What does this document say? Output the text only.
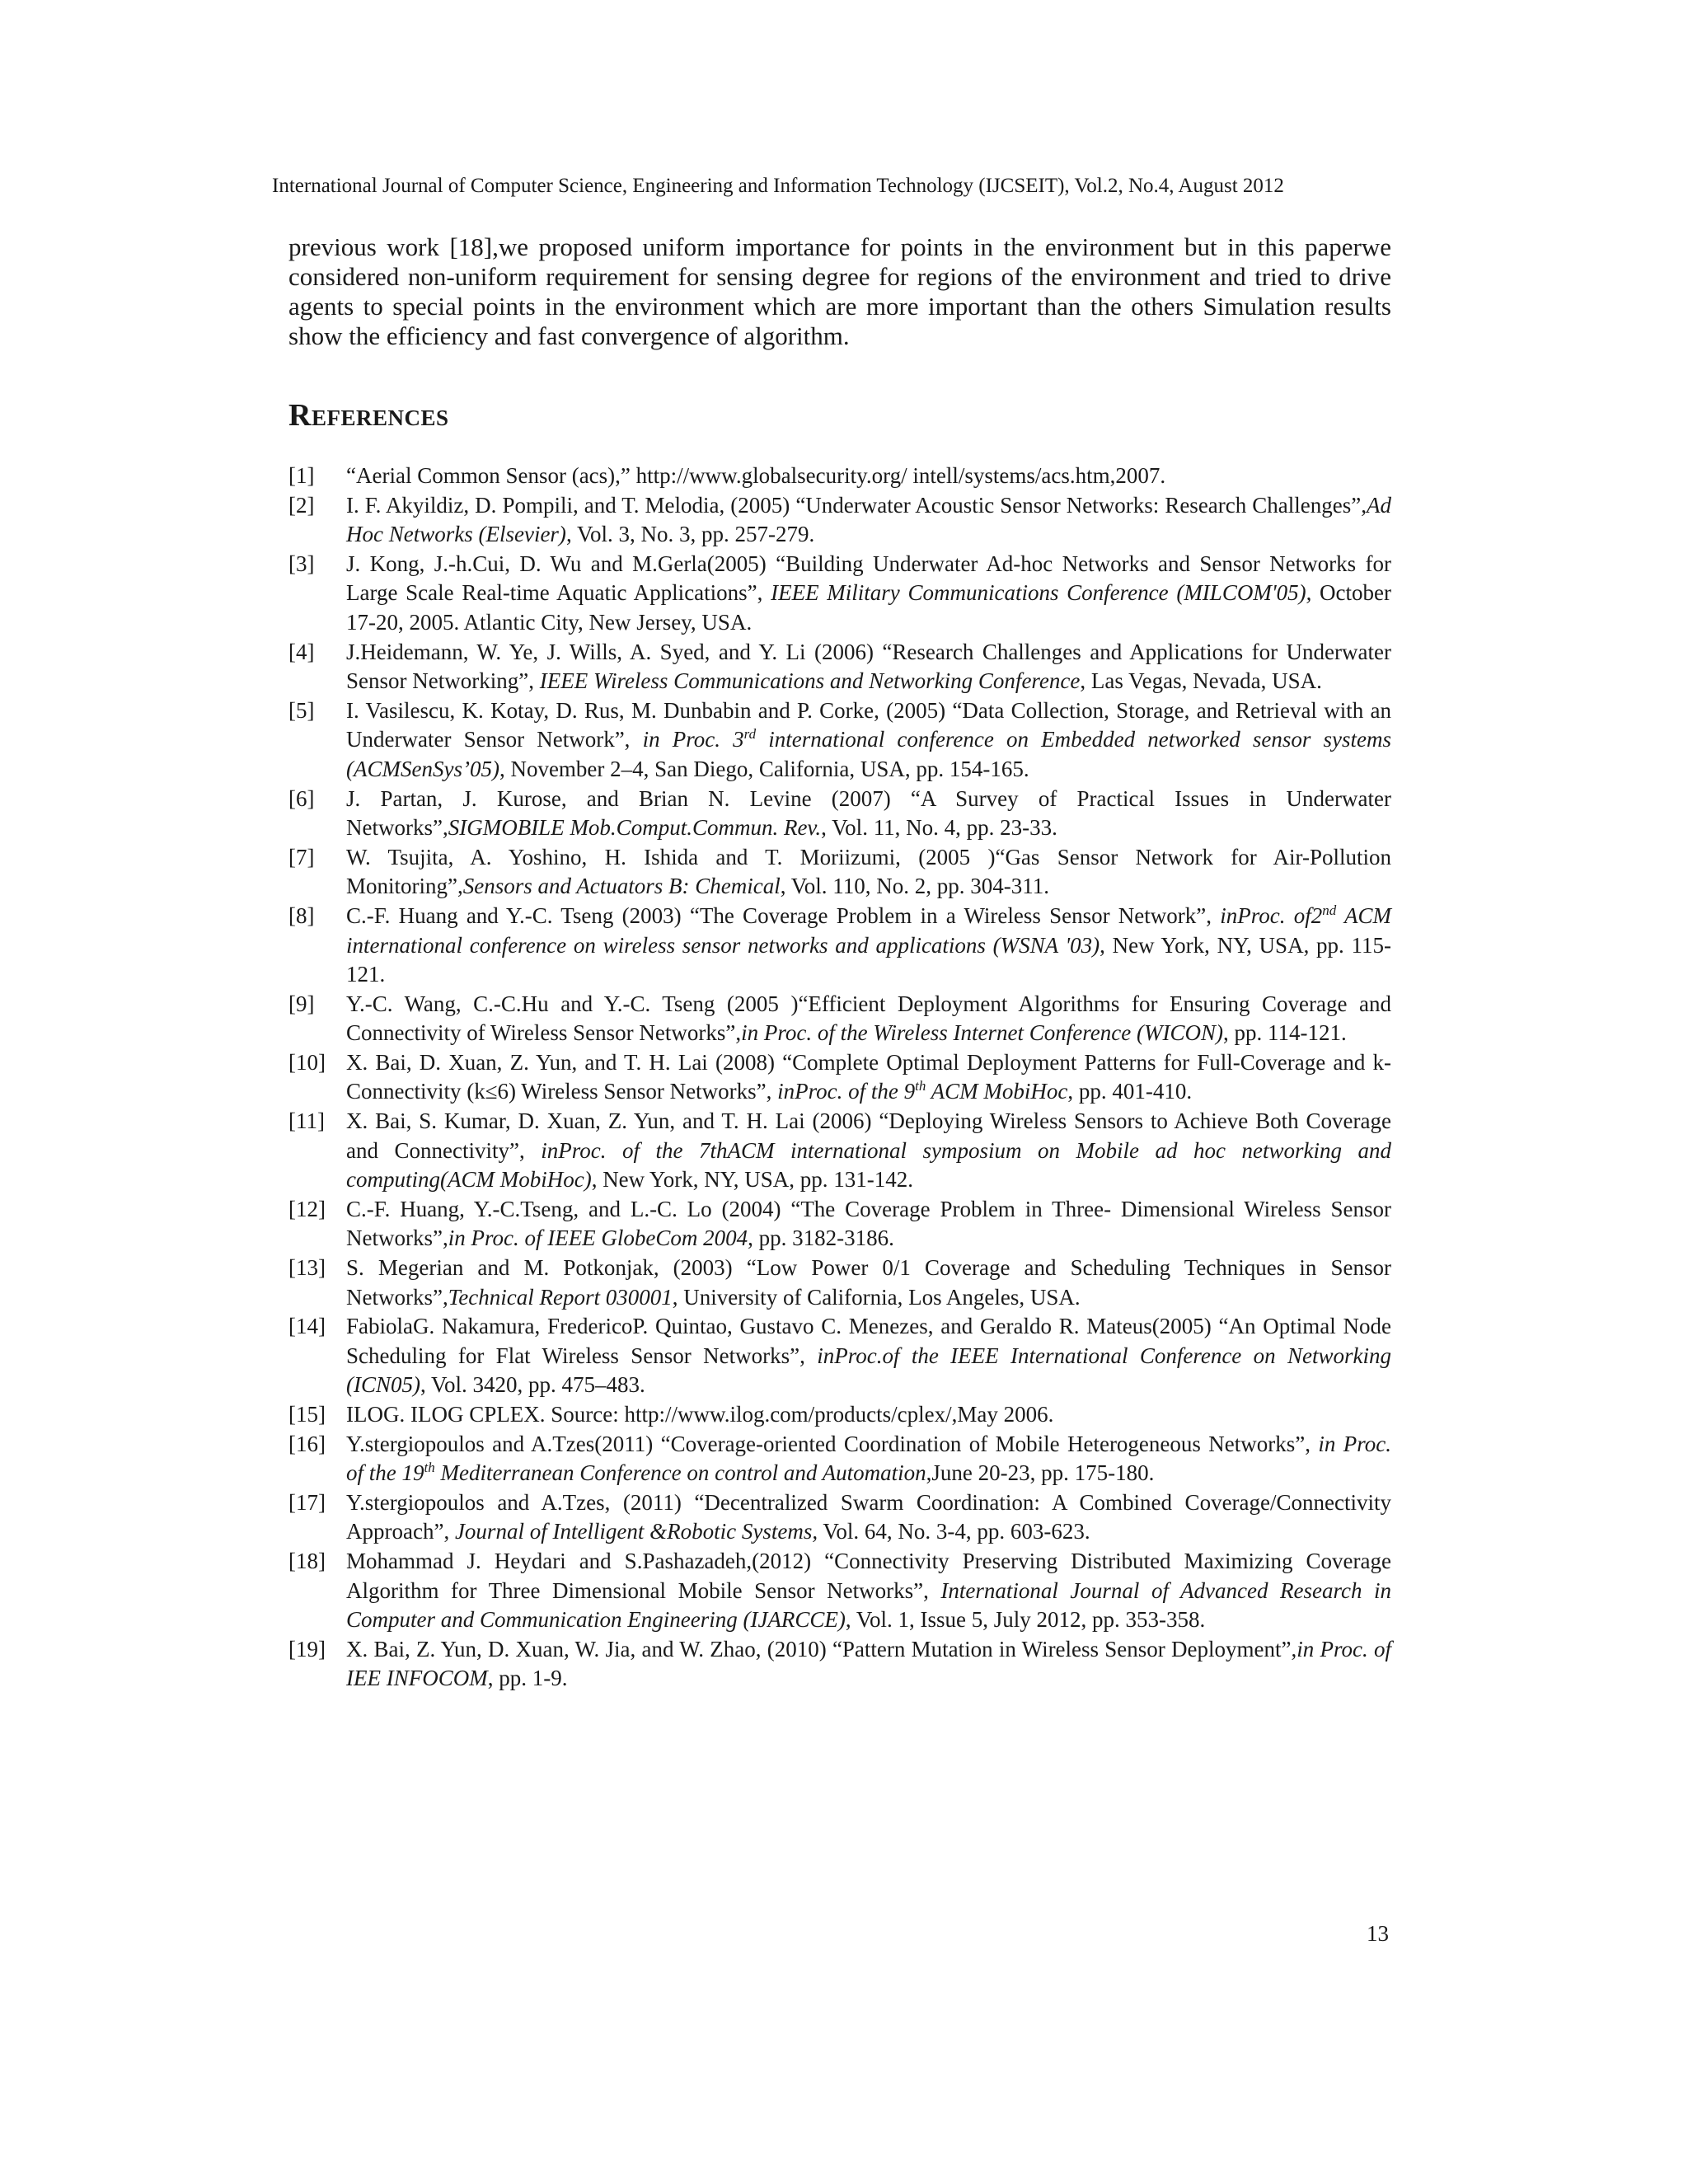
International Journal of Computer Science, Engineering and Information Technology (IJCSEIT), Vol.2, No.4, August 2012

previous work [18],we proposed uniform importance for points in the environment but in this paperwe considered non-uniform requirement for sensing degree for regions of the environment and tried to drive agents to special points in the environment which are more important than the others Simulation results show the efficiency and fast convergence of algorithm.

References
[1] “Aerial Common Sensor (acs),” http://www.globalsecurity.org/ intell/systems/acs.htm,2007.
[2] I. F. Akyildiz, D. Pompili, and T. Melodia, (2005) “Underwater Acoustic Sensor Networks: Research Challenges”,Ad Hoc Networks (Elsevier), Vol. 3, No. 3, pp. 257-279.
[3] J. Kong, J.-h.Cui, D. Wu and M.Gerla(2005) “Building Underwater Ad-hoc Networks and Sensor Networks for Large Scale Real-time Aquatic Applications”, IEEE Military Communications Conference (MILCOM'05), October 17-20, 2005. Atlantic City, New Jersey, USA.
[4] J.Heidemann, W. Ye, J. Wills, A. Syed, and Y. Li (2006) “Research Challenges and Applications for Underwater Sensor Networking”, IEEE Wireless Communications and Networking Conference, Las Vegas, Nevada, USA.
[5] I. Vasilescu, K. Kotay, D. Rus, M. Dunbabin and P. Corke, (2005) “Data Collection, Storage, and Retrieval with an Underwater Sensor Network”, in Proc. 3rd international conference on Embedded networked sensor systems (ACMSenSys’05), November 2–4, San Diego, California, USA, pp. 154-165.
[6] J. Partan, J. Kurose, and Brian N. Levine (2007) “A Survey of Practical Issues in Underwater Networks”,SIGMOBILE Mob.Comput.Commun. Rev., Vol. 11, No. 4, pp. 23-33.
[7] W. Tsujita, A. Yoshino, H. Ishida and T. Moriizumi, (2005 )“Gas Sensor Network for Air-Pollution Monitoring”,Sensors and Actuators B: Chemical, Vol. 110, No. 2, pp. 304-311.
[8] C.-F. Huang and Y.-C. Tseng (2003) “The Coverage Problem in a Wireless Sensor Network”, inProc. of2nd ACM international conference on wireless sensor networks and applications (WSNA '03), New York, NY, USA, pp. 115-121.
[9] Y.-C. Wang, C.-C.Hu and Y.-C. Tseng (2005 )“Efficient Deployment Algorithms for Ensuring Coverage and Connectivity of Wireless Sensor Networks”,in Proc. of the Wireless Internet Conference (WICON), pp. 114-121.
[10] X. Bai, D. Xuan, Z. Yun, and T. H. Lai (2008) “Complete Optimal Deployment Patterns for Full-Coverage and k-Connectivity (k≤6) Wireless Sensor Networks”, inProc. of the 9th ACM MobiHoc, pp. 401-410.
[11] X. Bai, S. Kumar, D. Xuan, Z. Yun, and T. H. Lai (2006) “Deploying Wireless Sensors to Achieve Both Coverage and Connectivity”, inProc. of the 7thACM international symposium on Mobile ad hoc networking and computing(ACM MobiHoc), New York, NY, USA, pp. 131-142.
[12] C.-F. Huang, Y.-C.Tseng, and L.-C. Lo (2004) “The Coverage Problem in Three- Dimensional Wireless Sensor Networks”,in Proc. of IEEE GlobeCom 2004, pp. 3182-3186.
[13] S. Megerian and M. Potkonjak, (2003) “Low Power 0/1 Coverage and Scheduling Techniques in Sensor Networks”,Technical Report 030001, University of California, Los Angeles, USA.
[14] FabiolaG. Nakamura, FredericoP. Quintao, Gustavo C. Menezes, and Geraldo R. Mateus(2005) “An Optimal Node Scheduling for Flat Wireless Sensor Networks”, inProc.of the IEEE International Conference on Networking (ICN05), Vol. 3420, pp. 475–483.
[15] ILOG. ILOG CPLEX. Source: http://www.ilog.com/products/cplex/,May 2006.
[16] Y.stergiopoulos and A.Tzes(2011) “Coverage-oriented Coordination of Mobile Heterogeneous Networks”, in Proc. of the 19th Mediterranean Conference on control and Automation,June 20-23, pp. 175-180.
[17] Y.stergiopoulos and A.Tzes, (2011) “Decentralized Swarm Coordination: A Combined Coverage/Connectivity Approach”, Journal of Intelligent &Robotic Systems, Vol. 64, No. 3-4, pp. 603-623.
[18] Mohammad J. Heydari and S.Pashazadeh,(2012) “Connectivity Preserving Distributed Maximizing Coverage Algorithm for Three Dimensional Mobile Sensor Networks”, International Journal of Advanced Research in Computer and Communication Engineering (IJARCCE), Vol. 1, Issue 5, July 2012, pp. 353-358.
[19] X. Bai, Z. Yun, D. Xuan, W. Jia, and W. Zhao, (2010) “Pattern Mutation in Wireless Sensor Deployment”,in Proc. of IEE INFOCOM, pp. 1-9.
13
